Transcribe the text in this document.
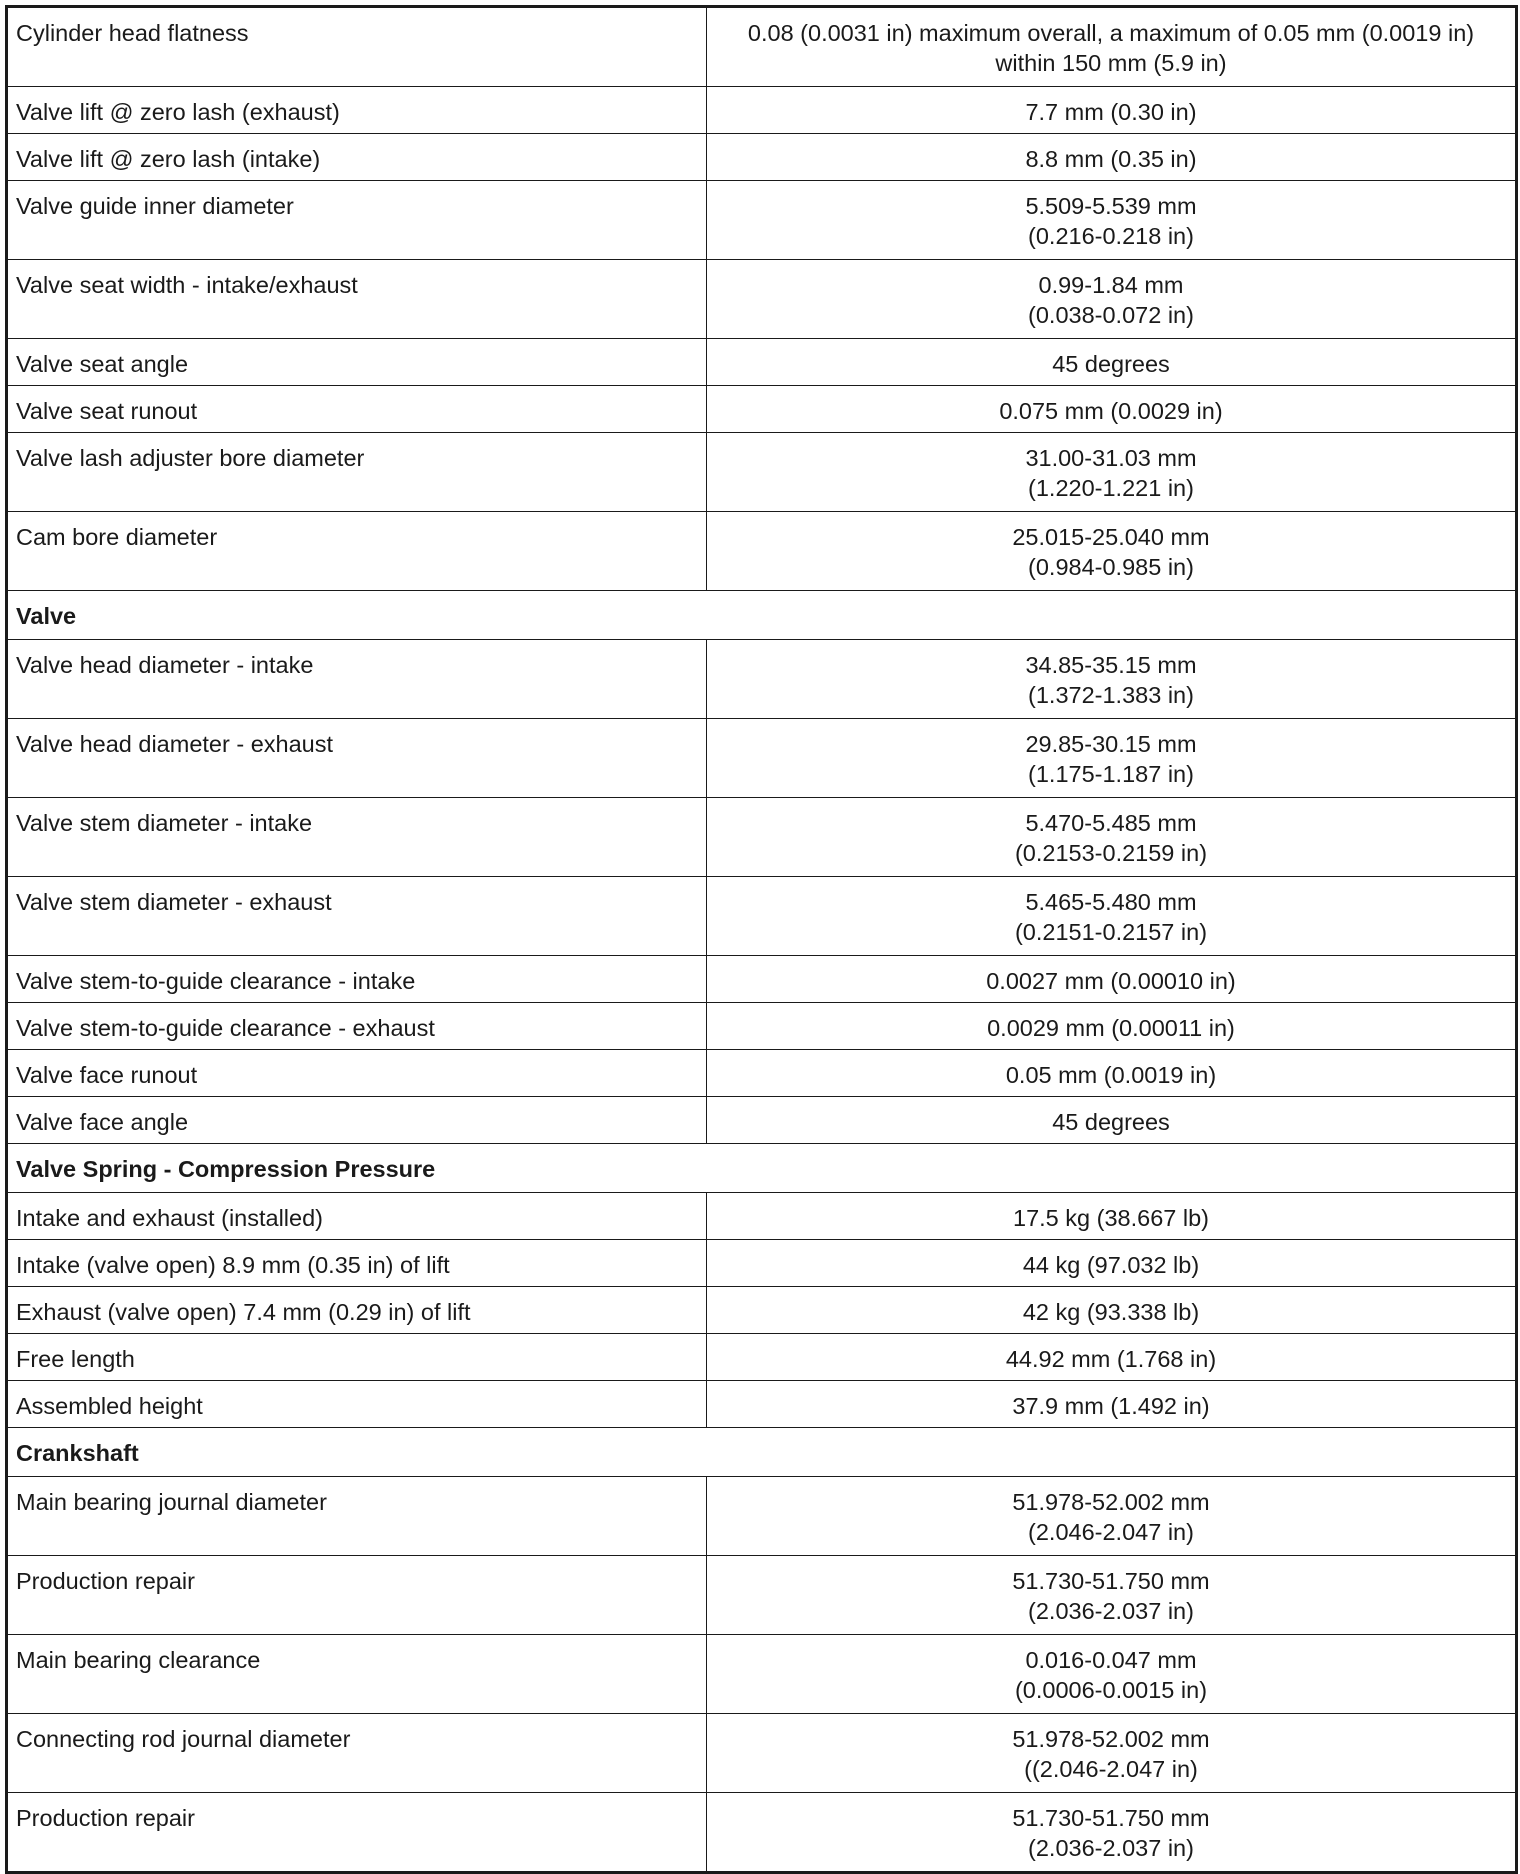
Cylinder head flatness	0.08 (0.0031 in) maximum overall, a maximum of 0.05 mm (0.0019 in)
within 150 mm (5.9 in)
Valve lift @ zero lash (exhaust)	7.7 mm (0.30 in)
Valve lift @ zero lash (intake)	8.8 mm (0.35 in)
Valve guide inner diameter	5.509-5.539 mm
(0.216-0.218 in)
Valve seat width - intake/exhaust	0.99-1.84 mm
(0.038-0.072 in)
Valve seat angle	45 degrees
Valve seat runout	0.075 mm (0.0029 in)
Valve lash adjuster bore diameter	31.00-31.03 mm
(1.220-1.221 in)
Cam bore diameter	25.015-25.040 mm
(0.984-0.985 in)
Valve	
Valve head diameter - intake	34.85-35.15 mm
(1.372-1.383 in)
Valve head diameter - exhaust	29.85-30.15 mm
(1.175-1.187 in)
Valve stem diameter - intake	5.470-5.485 mm
(0.2153-0.2159 in)
Valve stem diameter - exhaust	5.465-5.480 mm
(0.2151-0.2157 in)
Valve stem-to-guide clearance - intake	0.0027 mm (0.00010 in)
Valve stem-to-guide clearance - exhaust	0.0029 mm (0.00011 in)
Valve face runout	0.05 mm (0.0019 in)
Valve face angle	45 degrees
Valve Spring - Compression Pressure	
Intake and exhaust (installed)	17.5 kg (38.667 lb)
Intake (valve open) 8.9 mm (0.35 in) of lift	44 kg (97.032 lb)
Exhaust (valve open) 7.4 mm (0.29 in) of lift	42 kg (93.338 lb)
Free length	44.92 mm (1.768 in)
Assembled height	37.9 mm (1.492 in)
Crankshaft	
Main bearing journal diameter	51.978-52.002 mm
(2.046-2.047 in)
Production repair	51.730-51.750 mm
(2.036-2.037 in)
Main bearing clearance	0.016-0.047 mm
(0.0006-0.0015 in)
Connecting rod journal diameter	51.978-52.002 mm
((2.046-2.047 in)
Production repair	51.730-51.750 mm
(2.036-2.037 in)
